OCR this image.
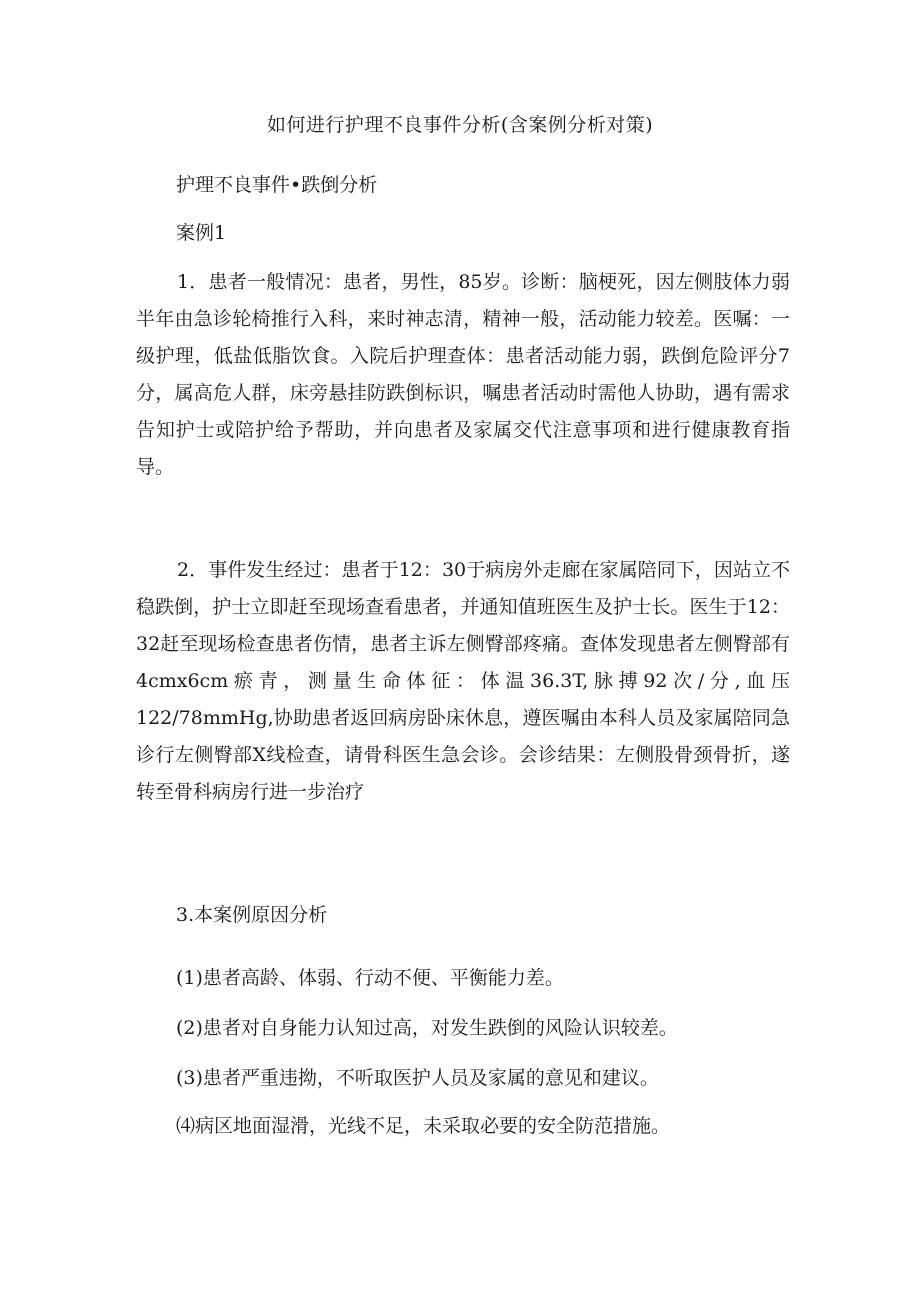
如何进行护理不良事件分析(含案例分析对策)
护理不良事件•跌倒分析
案例1
1．患者一般情况：患者，男性，85岁。诊断：脑梗死，因左侧肢体力弱半年由急诊轮椅推行入科，来时神志清，精神一般，活动能力较差。医嘱：一级护理，低盐低脂饮食。入院后护理查体：患者活动能力弱，跌倒危险评分7分，属高危人群，床旁悬挂防跌倒标识，嘱患者活动时需他人协助，遇有需求告知护士或陪护给予帮助，并向患者及家属交代注意事项和进行健康教育指导。
2．事件发生经过：患者于12：30于病房外走廊在家属陪同下，因站立不稳跌倒，护士立即赶至现场查看患者，并通知值班医生及护士长。医生于12：32赶至现场检查患者伤情，患者主诉左侧臀部疼痛。查体发现患者左侧臀部有4cmx6cm瘀青，测量生命体征：体温36.3T,脉搏92次/分,血压122∕78mmHg,协助患者返回病房卧床休息，遵医嘱由本科人员及家属陪同急诊行左侧臀部X线检查，请骨科医生急会诊。会诊结果：左侧股骨颈骨折，遂转至骨科病房行进一步治疗
3.本案例原因分析
(1)患者高龄、体弱、行动不便、平衡能力差。
(2)患者对自身能力认知过高，对发生跌倒的风险认识较差。
(3)患者严重违拗，不听取医护人员及家属的意见和建议。
⑷病区地面湿滑，光线不足，未采取必要的安全防范措施。
